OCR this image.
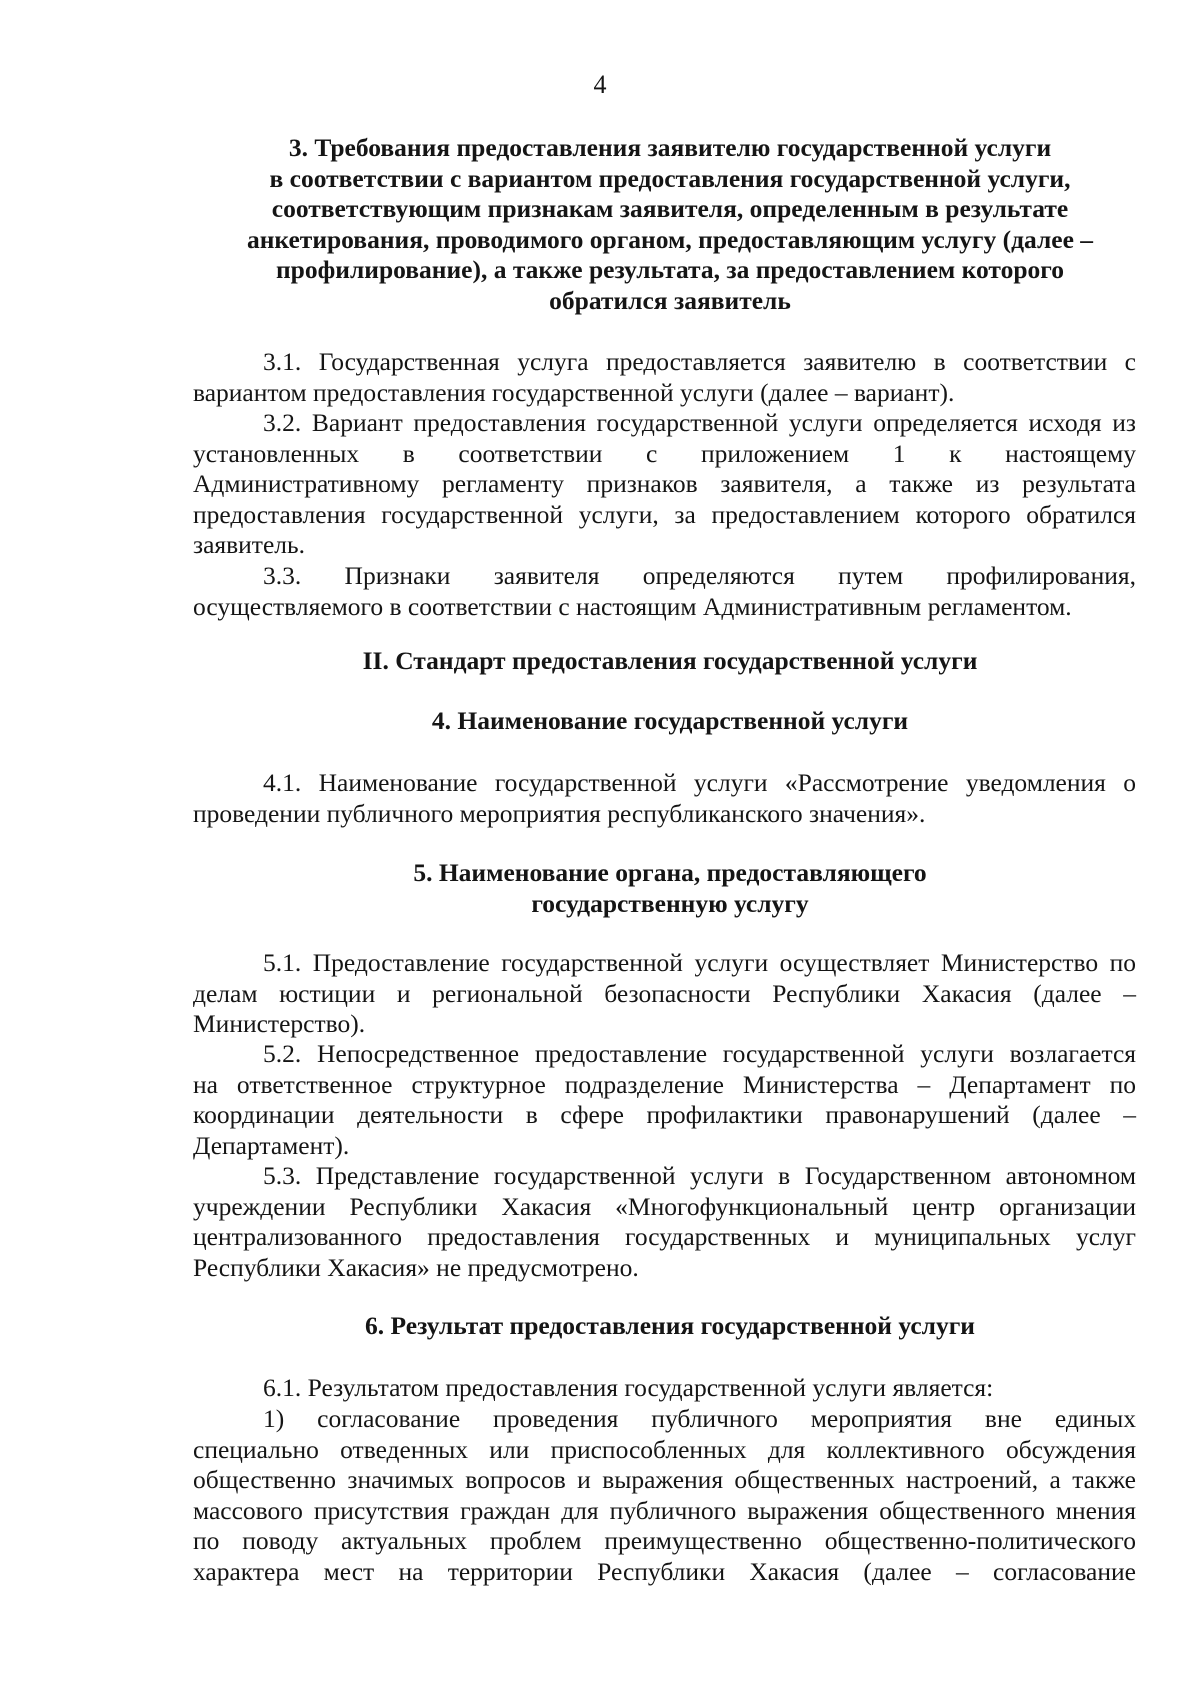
4
3. Требования предоставления заявителю государственной услуги
в соответствии с вариантом предоставления государственной услуги,
соответствующим признакам заявителя, определенным в результате
анкетирования, проводимого органом, предоставляющим услугу (далее –
профилирование), а также результата, за предоставлением которого
обратился заявитель
3.1. Государственная услуга предоставляется заявителю в соответствии с
вариантом предоставления государственной услуги (далее – вариант).
3.2. Вариант предоставления государственной услуги определяется исходя из
установленных в соответствии с приложением 1 к настоящему
Административному регламенту признаков заявителя, а также из результата
предоставления государственной услуги, за предоставлением которого обратился
заявитель.
3.3. Признаки заявителя определяются путем профилирования,
осуществляемого в соответствии с настоящим Административным регламентом.
II. Стандарт предоставления государственной услуги
4. Наименование государственной услуги
4.1. Наименование государственной услуги «Рассмотрение уведомления о
проведении публичного мероприятия республиканского значения».
5. Наименование органа, предоставляющего
государственную услугу
5.1. Предоставление государственной услуги осуществляет Министерство по
делам юстиции и региональной безопасности Республики Хакасия (далее –
Министерство).
5.2. Непосредственное предоставление государственной услуги возлагается
на ответственное структурное подразделение Министерства – Департамент по
координации деятельности в сфере профилактики правонарушений (далее –
Департамент).
5.3. Представление государственной услуги в Государственном автономном
учреждении Республики Хакасия «Многофункциональный центр организации
централизованного предоставления государственных и муниципальных услуг
Республики Хакасия» не предусмотрено.
6. Результат предоставления государственной услуги
6.1. Результатом предоставления государственной услуги является:
1) согласование проведения публичного мероприятия вне единых
специально отведенных или приспособленных для коллективного обсуждения
общественно значимых вопросов и выражения общественных настроений, а также
массового присутствия граждан для публичного выражения общественного мнения
по поводу актуальных проблем преимущественно общественно-политического
характера мест на территории Республики Хакасия (далее – согласование
